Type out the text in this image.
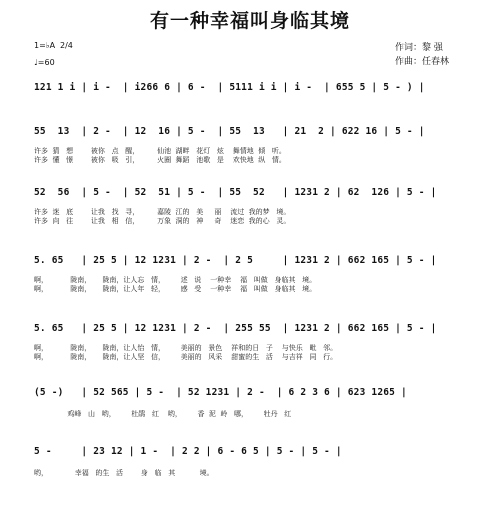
有一种幸福叫身临其境
1=♭A 2/4
♩=60
作词：黎 强
作曲：任春林
121 1 i | i -  | i266 6 | 6 -  | 5111 i i | i -  | 655 5 | 5 - ) |
55  13  | 2 -  | 12  16 | 5 -  | 55  13   | 21  2 | 622 16 | 5 - |
许多  猜   想        被你   点   醒，        仙池  湖畔   花灯   炫    舞情地  倾   听。
许多  懂   憬        被你   吸   引，        火圈  舞蹈   池歌   是    欢快地  纵   情。
52  56  | 5 -  | 52  51 | 5 -  | 55  52   | 1231 2 | 62  126 | 5 - |
许多  迷   底        让我   找   寻，        嘉陵  江的   美     丽    流过  我的梦   境。
许多  向   往        让我   相   信，        万象  洞的   神     奇    迷恋  我的心   灵。
5. 65   | 25 5 | 12 1231 | 2 -  | 2 5     | 1231 2 | 662 165 | 5 - |
啊，          陇南，     陇南，让人忘   情，       述   说    一种幸    福   叫做   身临其   境。
啊，          陇南，     陇南，让人年   轻，       感   受    一种幸    福   叫做   身临其   境。
5. 65   | 25 5 | 12 1231 | 2 -  | 255 55  | 1231 2 | 662 165 | 5 - |
啊，          陇南，     陇南，让人怡   情，       美丽的   景色    祥和的日   子    与快乐   毗   邻。
啊，          陇南，     陇南，让人坚   信，       美丽的   风采    甜蜜的生   活    与吉祥   同   行。
(5 -)   | 52 565 | 5 -  | 52 1231 | 2 -  | 6 2 3 6 | 623 1265 |
鸡峰   山   哟，       杜鹃   红    哟，       香  泥  岭   哪，       牡丹   红
5 -     | 23 12 | 1 -  | 2 2 | 6 - 6 5 | 5 - | 5 - |
哟，            幸福   的生   活        身   临   其           境。
